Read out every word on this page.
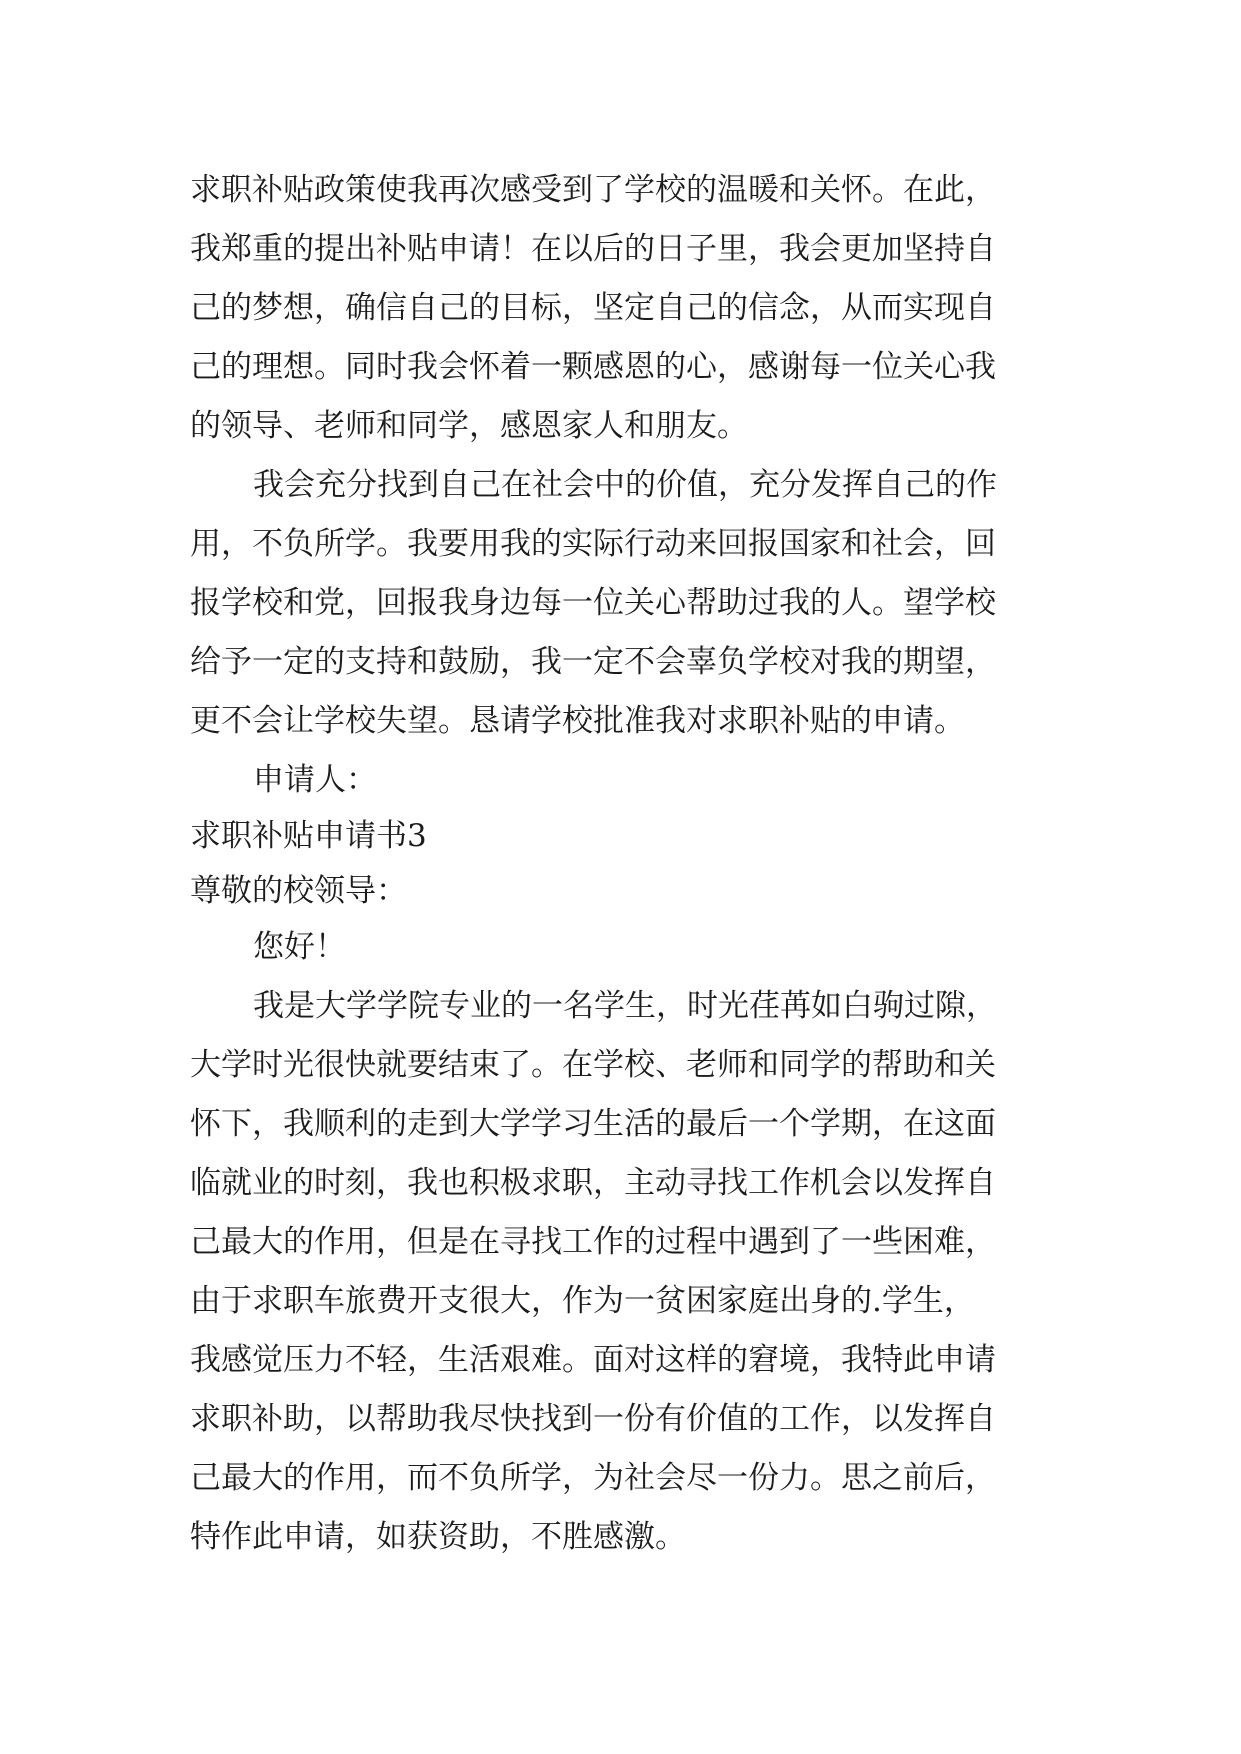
求职补贴政策使我再次感受到了学校的温暖和关怀。在此，
我郑重的提出补贴申请！在以后的日子里，我会更加坚持自
己的梦想，确信自己的目标，坚定自己的信念，从而实现自
己的理想。同时我会怀着一颗感恩的心，感谢每一位关心我
的领导、老师和同学，感恩家人和朋友。
我会充分找到自己在社会中的价值，充分发挥自己的作
用，不负所学。我要用我的实际行动来回报国家和社会，回
报学校和党，回报我身边每一位关心帮助过我的人。望学校
给予一定的支持和鼓励，我一定不会辜负学校对我的期望，
更不会让学校失望。恳请学校批准我对求职补贴的申请。
申请人：
求职补贴申请书3
尊敬的校领导：
您好！
我是大学学院专业的一名学生，时光荏苒如白驹过隙，
大学时光很快就要结束了。在学校、老师和同学的帮助和关
怀下，我顺利的走到大学学习生活的最后一个学期，在这面
临就业的时刻，我也积极求职，主动寻找工作机会以发挥自
己最大的作用，但是在寻找工作的过程中遇到了一些困难，
由于求职车旅费开支很大，作为一贫困家庭出身的.学生，
我感觉压力不轻，生活艰难。面对这样的窘境，我特此申请
求职补助，以帮助我尽快找到一份有价值的工作，以发挥自
己最大的作用，而不负所学，为社会尽一份力。思之前后，
特作此申请，如获资助，不胜感激。
